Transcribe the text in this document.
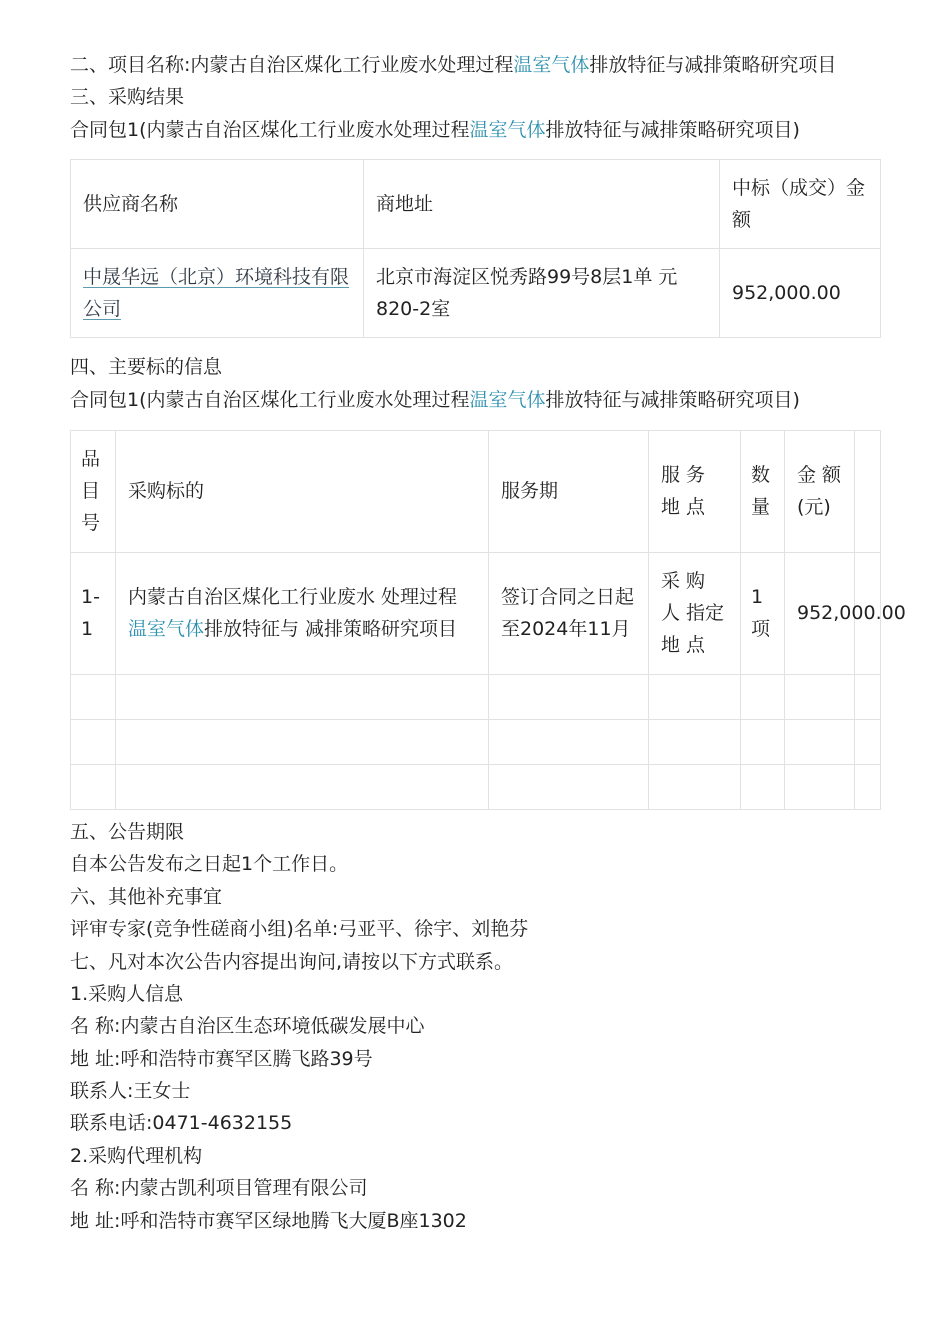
二、项目名称:内蒙古自治区煤化工行业废水处理过程温室气体排放特征与减排策略研究项目
三、采购结果
合同包1(内蒙古自治区煤化工行业废水处理过程温室气体排放特征与减排策略研究项目)
供应商名称	商地址	中标（成交）金额
中晟华远（北京）环境科技有限公司	北京市海淀区悦秀路99号8层1单 元820-2室	952,000.00
四、主要标的信息
合同包1(内蒙古自治区煤化工行业废水处理过程温室气体排放特征与减排策略研究项目)
品目号	采购标的	服务期	服 务 地 点	数量	金 额 (元)	
1-1	内蒙古自治区煤化工行业废水 处理过程温室气体排放特征与 减排策略研究项目	签订合同之日起至2024年11月	采 购 人 指定 地 点	1 项	952,000.00	

五、公告期限
自本公告发布之日起1个工作日。
六、其他补充事宜
评审专家(竞争性磋商小组)名单:弓亚平、徐宇、刘艳芬
七、凡对本次公告内容提出询问,请按以下方式联系。
1.采购人信息
名 称:内蒙古自治区生态环境低碳发展中心
地 址:呼和浩特市赛罕区腾飞路39号
联系人:王女士
联系电话:0471-4632155
2.采购代理机构
名 称:内蒙古凯利项目管理有限公司
地 址:呼和浩特市赛罕区绿地腾飞大厦B座1302
